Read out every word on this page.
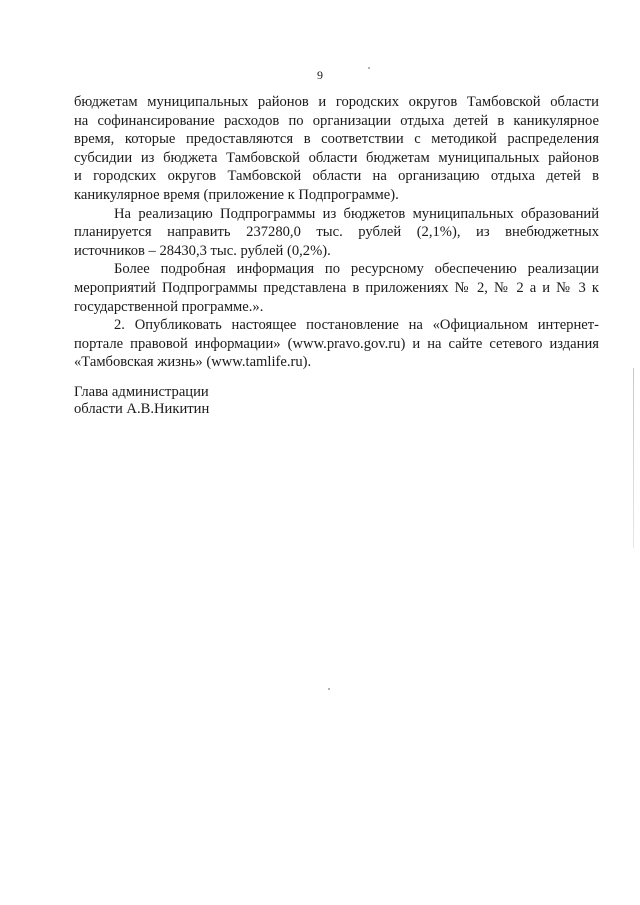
9

бюджетам муниципальных районов и городских округов Тамбовской области
на софинансирование расходов по организации отдыха детей в каникулярное
время, которые предоставляются в соответствии с методикой распределения
субсидии из бюджета Тамбовской области бюджетам муниципальных районов
и городских округов Тамбовской области на организацию отдыха детей в
каникулярное время (приложение к Подпрограмме).

На реализацию Подпрограммы из бюджетов муниципальных образований
планируется направить 237280,0 тыс. рублей (2,1%), из внебюджетных
источников – 28430,3 тыс. рублей (0,2%).

Более подробная информация по ресурсному обеспечению реализации
мероприятий Подпрограммы представлена в приложениях № 2, № 2 а и № 3 к
государственной программе.».

2. Опубликовать настоящее постановление на «Официальном интернет-
портале правовой информации» (www.pravo.gov.ru) и на сайте сетевого издания
«Тамбовская жизнь» (www.tamlife.ru).

Глава администрации
области А.В.Никитин
